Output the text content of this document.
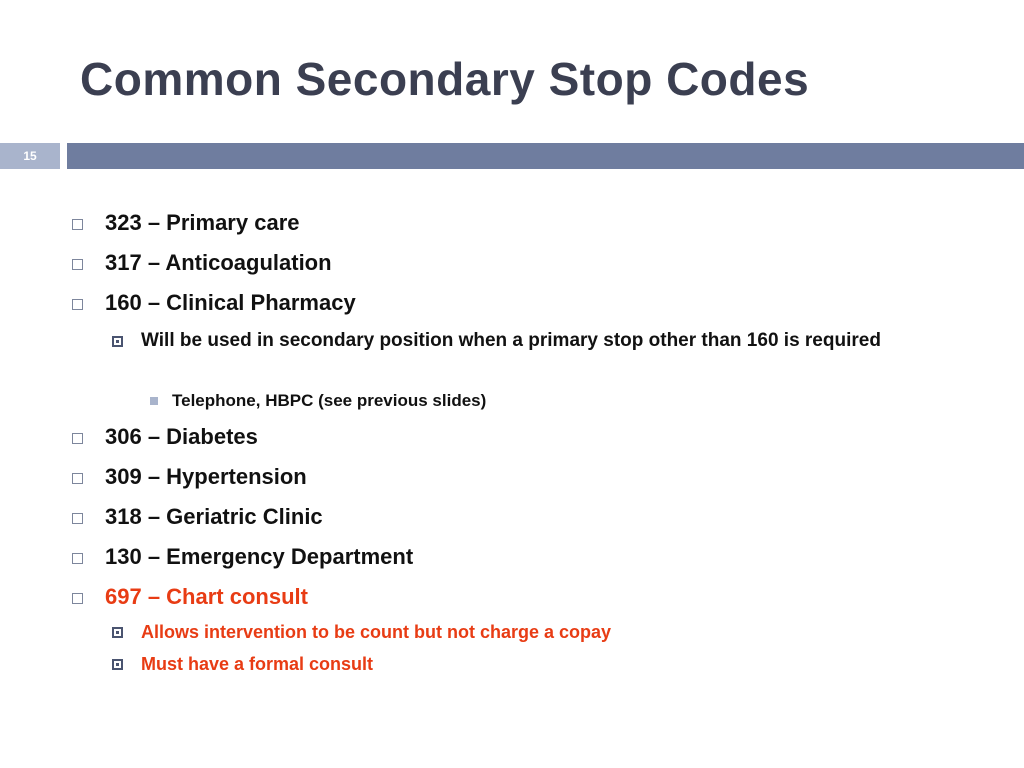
Common Secondary Stop Codes
15
323 – Primary care
317 – Anticoagulation
160 – Clinical Pharmacy
Will be used in secondary position when a primary stop other than 160 is required
Telephone, HBPC (see previous slides)
306 – Diabetes
309 – Hypertension
318 – Geriatric Clinic
130 – Emergency Department
697 – Chart consult
Allows intervention to be count but not charge a copay
Must have a formal consult
